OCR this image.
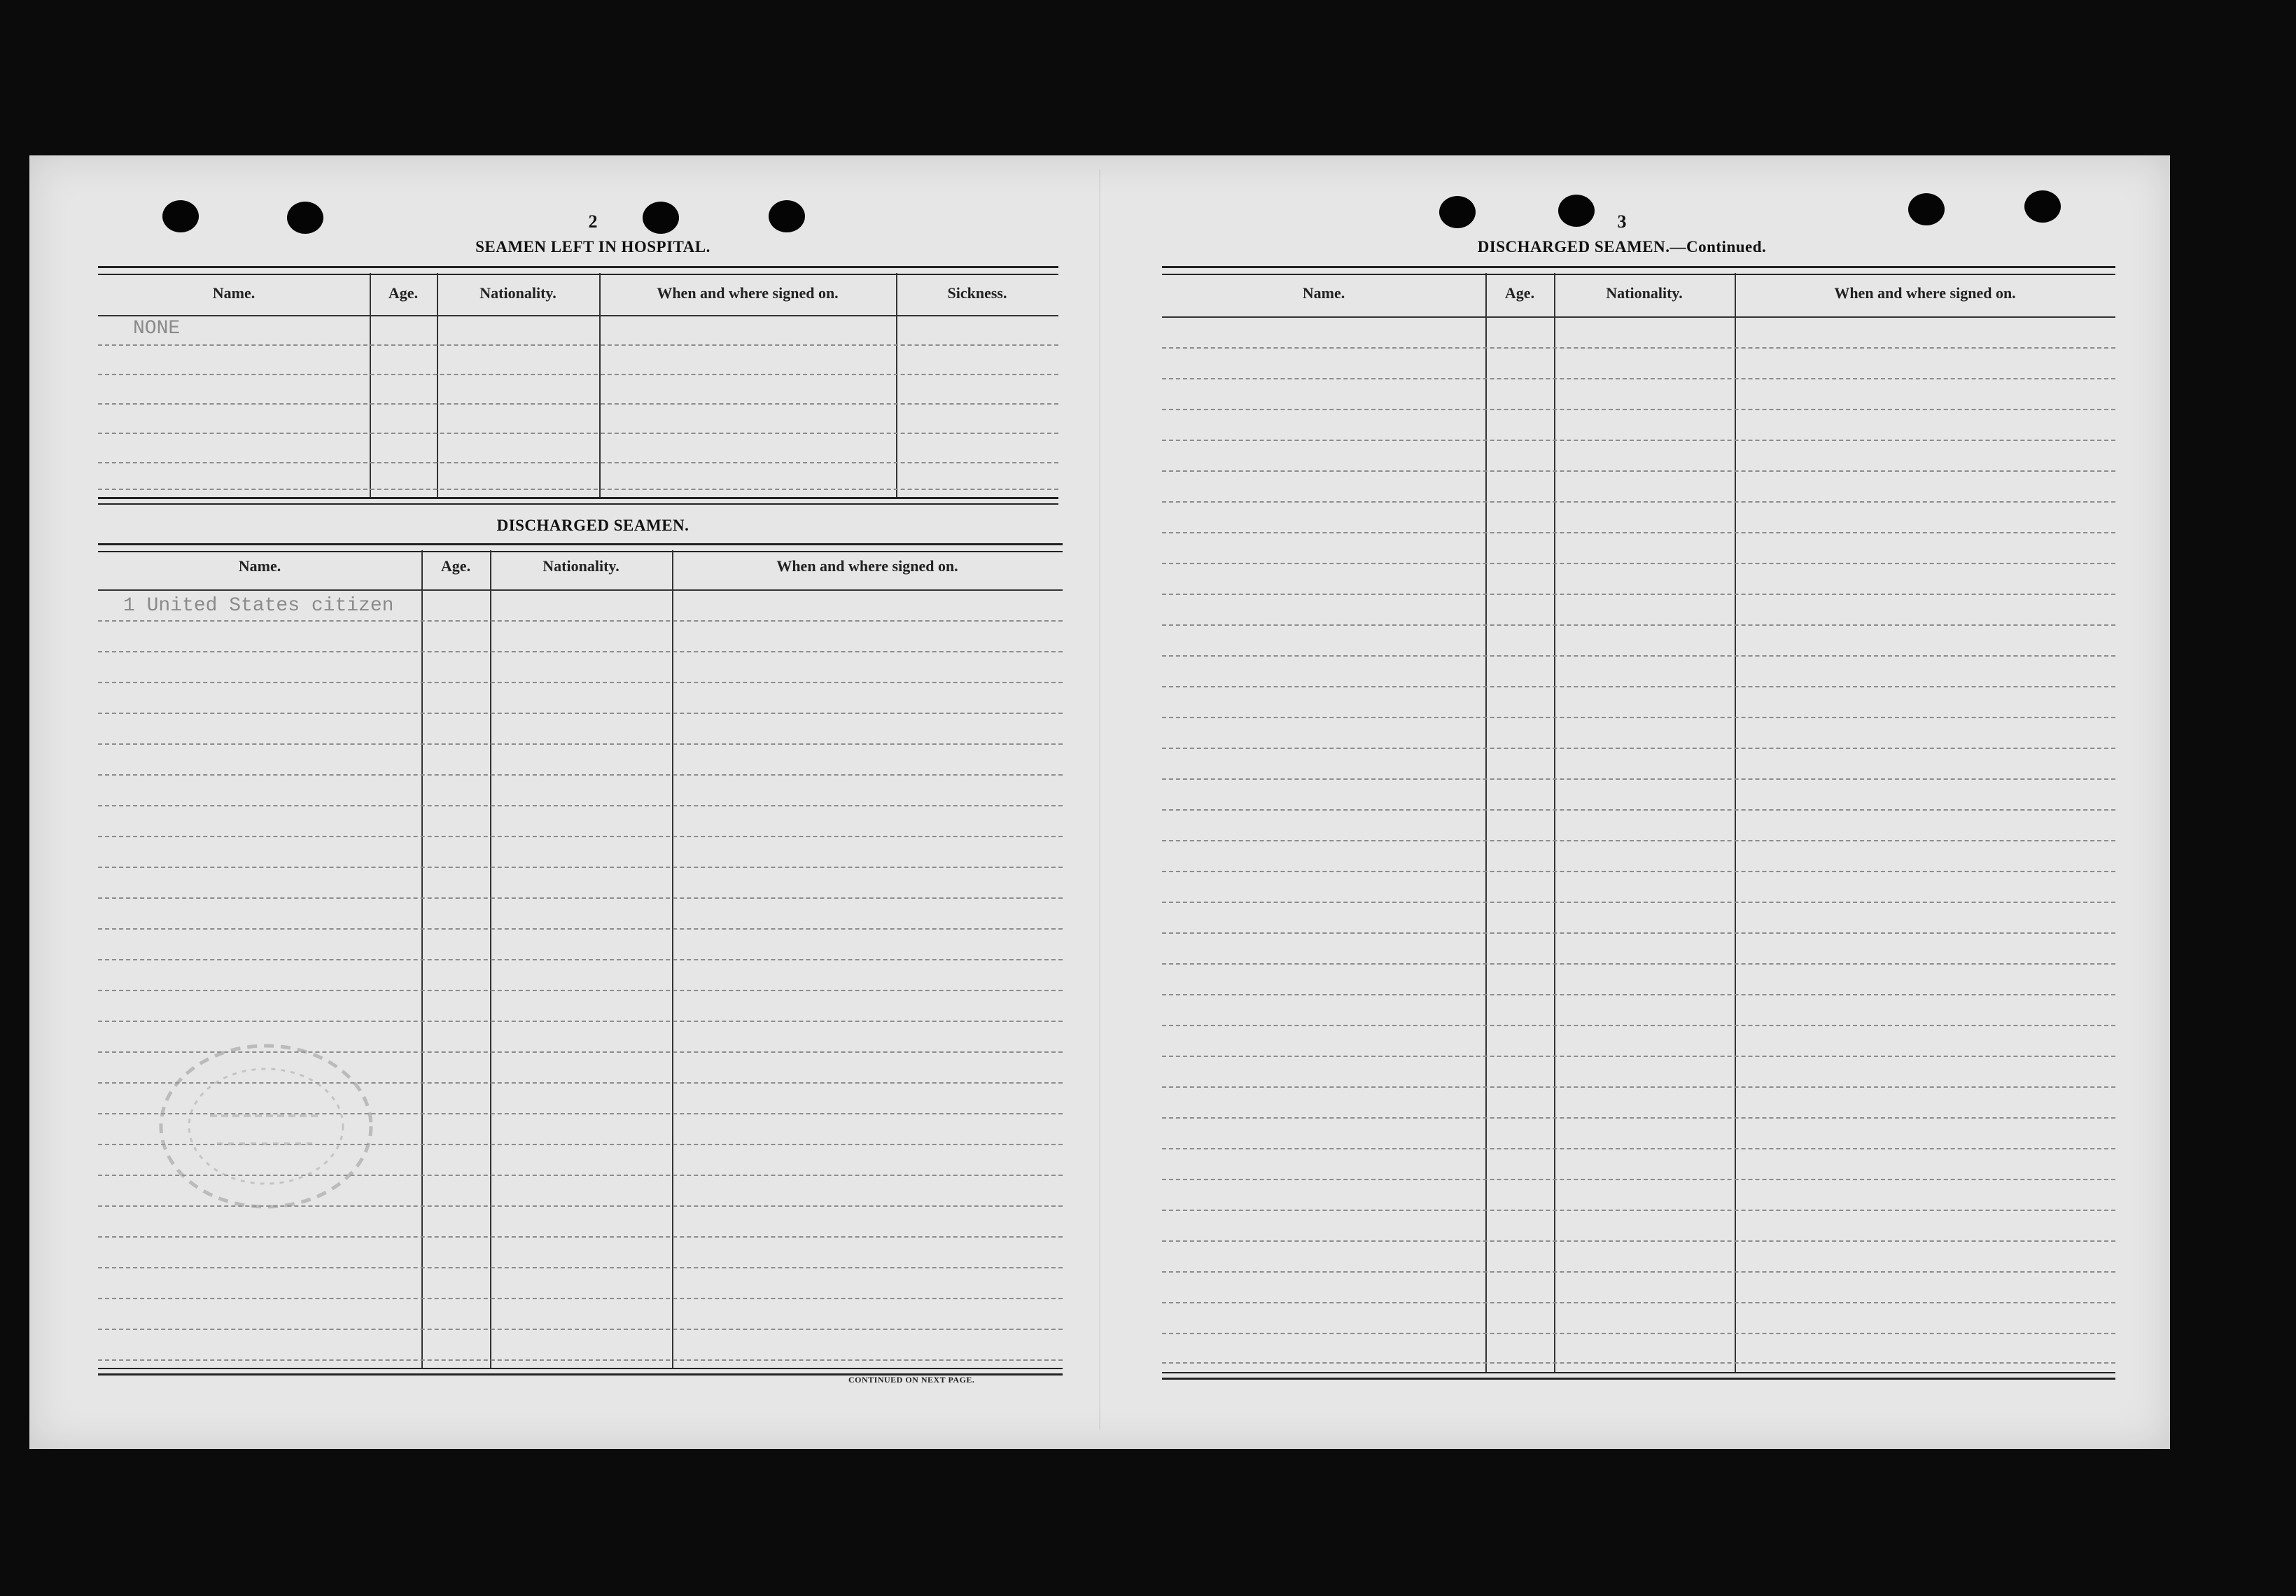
2
SEAMEN LEFT IN HOSPITAL.
Name.	Age.	Nationality.	When and where signed on.	Sickness.
NONE
DISCHARGED SEAMEN.
Name.	Age.	Nationality.	When and where signed on.
1 United States citizen
CONTINUED ON NEXT PAGE.
3
DISCHARGED SEAMEN.—Continued.
Name.	Age.	Nationality.	When and where signed on.
